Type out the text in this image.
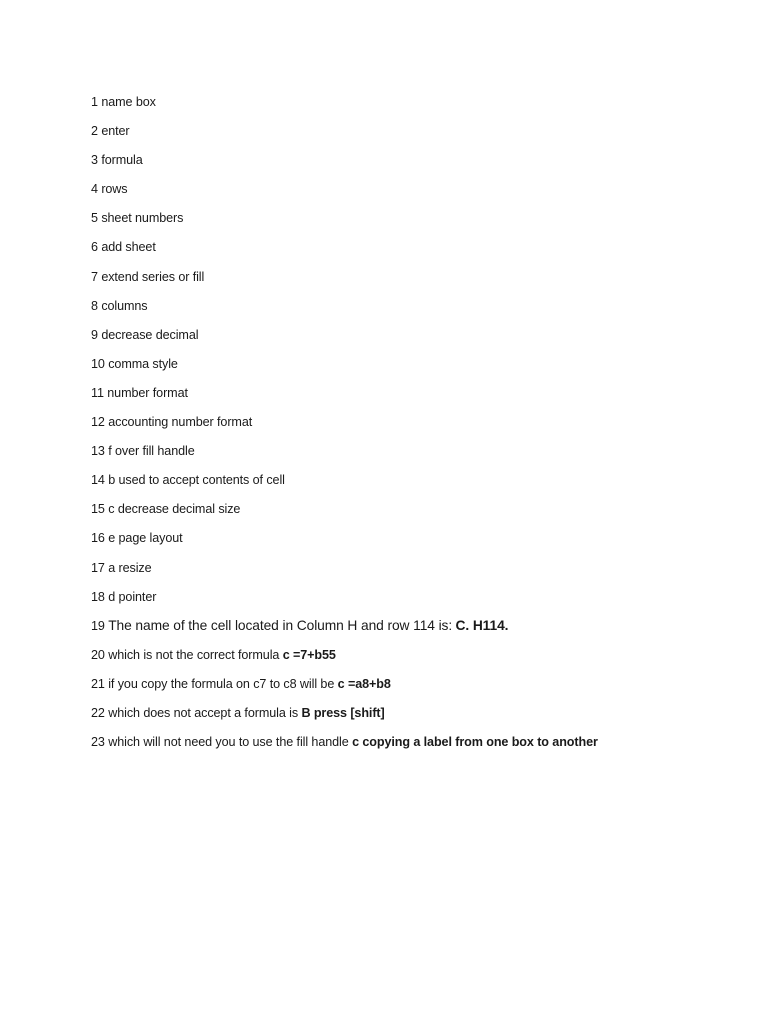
1 name box
2 enter
3 formula
4 rows
5 sheet numbers
6 add sheet
7 extend series or fill
8 columns
9 decrease decimal
10 comma style
11 number format
12 accounting number format
13 f over fill handle
14 b used to accept contents of cell
15 c decrease decimal size
16 e page layout
17 a resize
18 d pointer
19 The name of the cell located in Column H and row 114 is: C. H114.
20 which is not the correct formula c =7+b55
21 if you copy the formula on c7 to c8 will be c =a8+b8
22 which does not accept a formula is B press [shift]
23 which will not need you to use the fill handle c copying a label from one box to another
